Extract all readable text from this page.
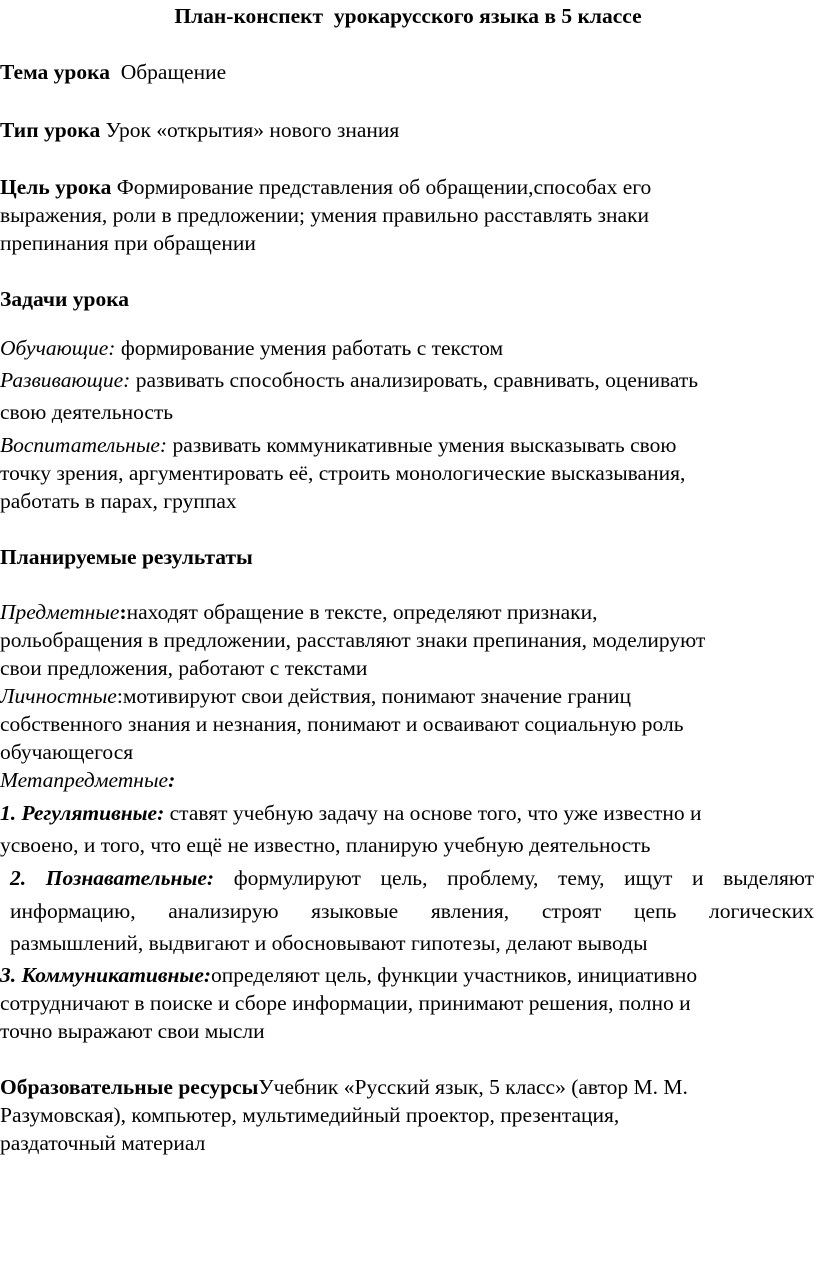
План-конспект  урокарусского языка в 5 классе
Тема урока Обращение
Тип урока Урок «открытия» нового знания
Цель урока Формирование представления об обращении,способах его
выражения, роли в предложении; умения правильно расставлять знаки
препинания при обращении
Задачи урока
Обучающие: формирование умения работать с текстом
Развивающие: развивать способность анализировать, сравнивать, оценивать
свою деятельность
Воспитательные: развивать коммуникативные умения высказывать свою
точку зрения, аргументировать её, строить монологические высказывания,
работать в парах, группах
Планируемые результаты
Предметные:находят обращение в тексте, определяют признаки,
рольобращения в предложении, расставляют знаки препинания, моделируют
свои предложения, работают с текстами
Личностные:мотивируют свои действия, понимают значение границ
собственного знания и незнания, понимают и осваивают социальную роль
обучающегося
Метапредметные:
1. Регулятивные: ставят учебную задачу на основе того, что уже известно и
усвоено, и того, что ещё не известно, планирую учебную деятельность
2. Познавательные: формулируют цель, проблему, тему, ищут и выделяют
информацию, анализирую языковые явления, строят цепь логических
размышлений, выдвигают и обосновывают гипотезы, делают выводы
3. Коммуникативные:определяют цель, функции участников, инициативно
сотрудничают в поиске и сборе информации, принимают решения, полно и
точно выражают свои мысли
Образовательные ресурсыУчебник «Русский язык, 5 класс» (автор М. М.
Разумовская), компьютер, мультимедийный проектор, презентация,
раздаточный материал
